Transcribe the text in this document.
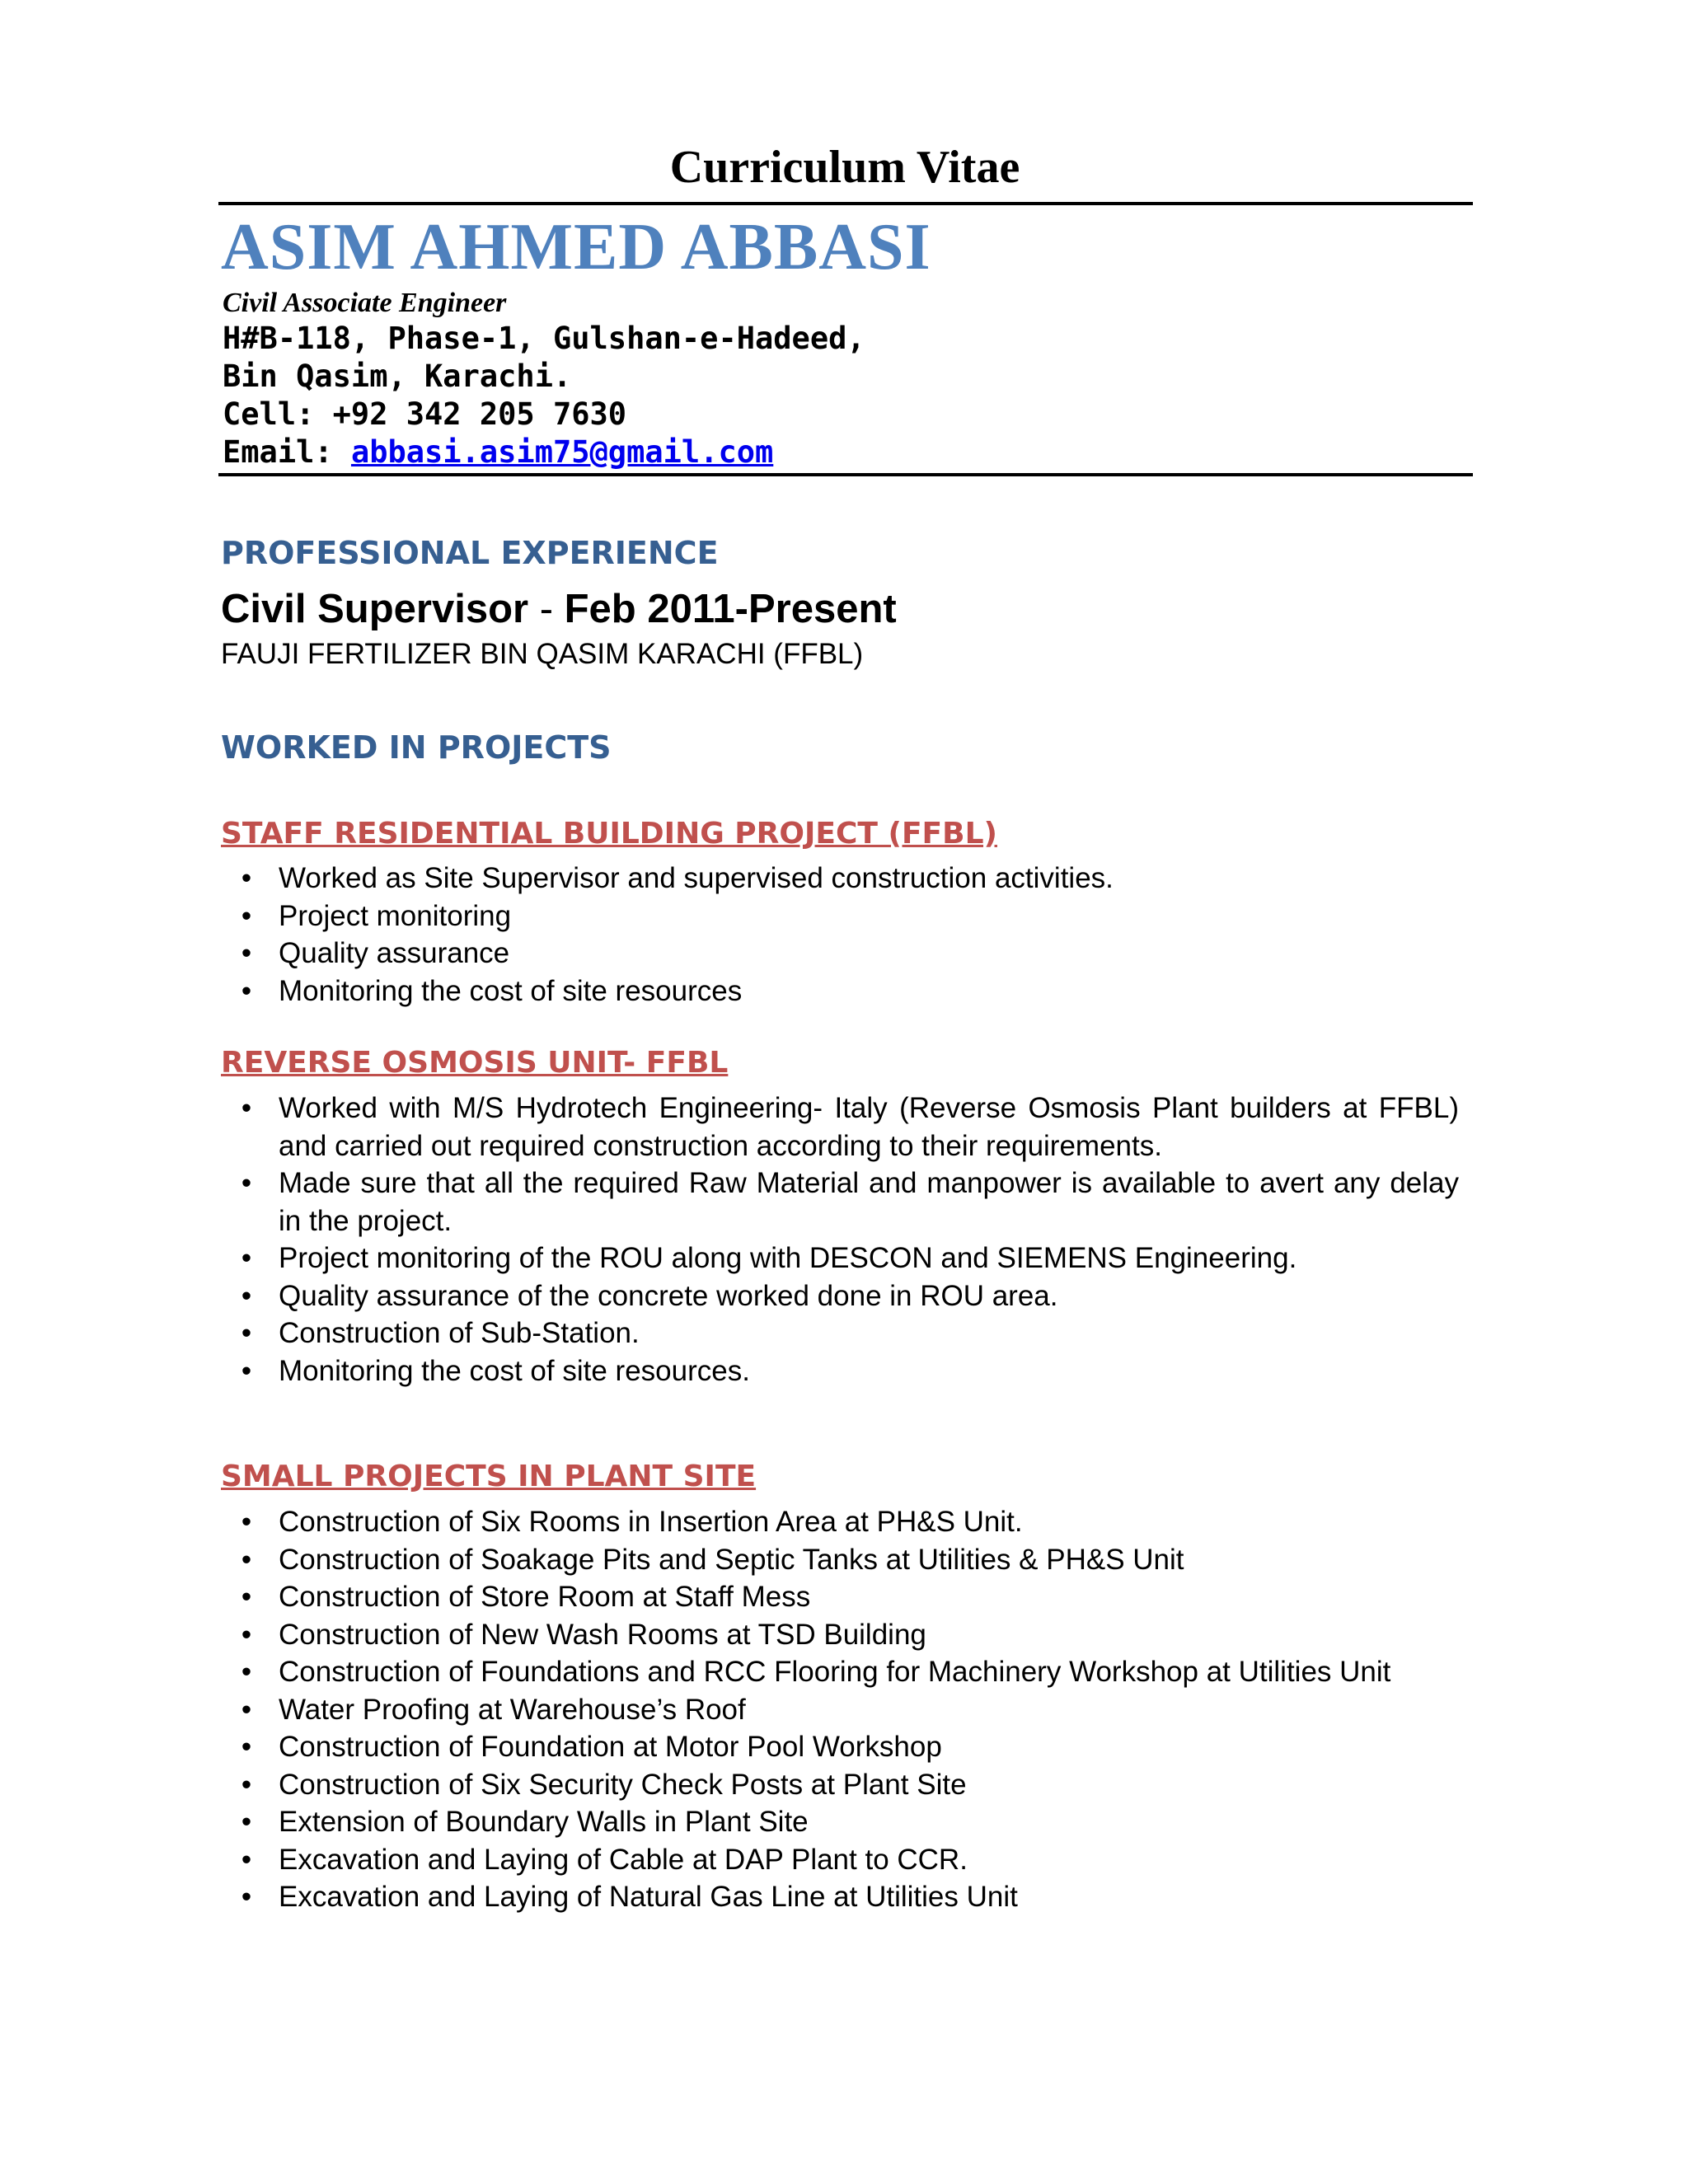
Curriculum Vitae
ASIM AHMED ABBASI
Civil Associate Engineer
H#B-118, Phase-1, Gulshan-e-Hadeed,
Bin Qasim, Karachi.
Cell: +92 342 205 7630
Email: abbasi.asim75@gmail.com
PROFESSIONAL EXPERIENCE
Civil Supervisor - Feb 2011-Present
FAUJI FERTILIZER BIN QASIM KARACHI (FFBL)
WORKED IN PROJECTS
STAFF RESIDENTIAL BUILDING PROJECT (FFBL)
• Worked as Site Supervisor and supervised construction activities.
• Project monitoring
• Quality assurance
• Monitoring the cost of site resources
REVERSE OSMOSIS UNIT- FFBL
• Worked with M/S Hydrotech Engineering- Italy (Reverse Osmosis Plant builders at FFBL) and carried out required construction according to their requirements.
• Made sure that all the required Raw Material and manpower is available to avert any delay in the project.
• Project monitoring of the ROU along with DESCON and SIEMENS Engineering.
• Quality assurance of the concrete worked done in ROU area.
• Construction of Sub-Station.
• Monitoring the cost of site resources.
SMALL PROJECTS IN PLANT SITE
• Construction of Six Rooms in Insertion Area at PH&S Unit.
• Construction of Soakage Pits and Septic Tanks at Utilities & PH&S Unit
• Construction of Store Room at Staff Mess
• Construction of New Wash Rooms at TSD Building
• Construction of Foundations and RCC Flooring for Machinery Workshop at Utilities Unit
• Water Proofing at Warehouse’s Roof
• Construction of Foundation at Motor Pool Workshop
• Construction of Six Security Check Posts at Plant Site
• Extension of Boundary Walls in Plant Site
• Excavation and Laying of Cable at DAP Plant to CCR.
• Excavation and Laying of Natural Gas Line at Utilities Unit
